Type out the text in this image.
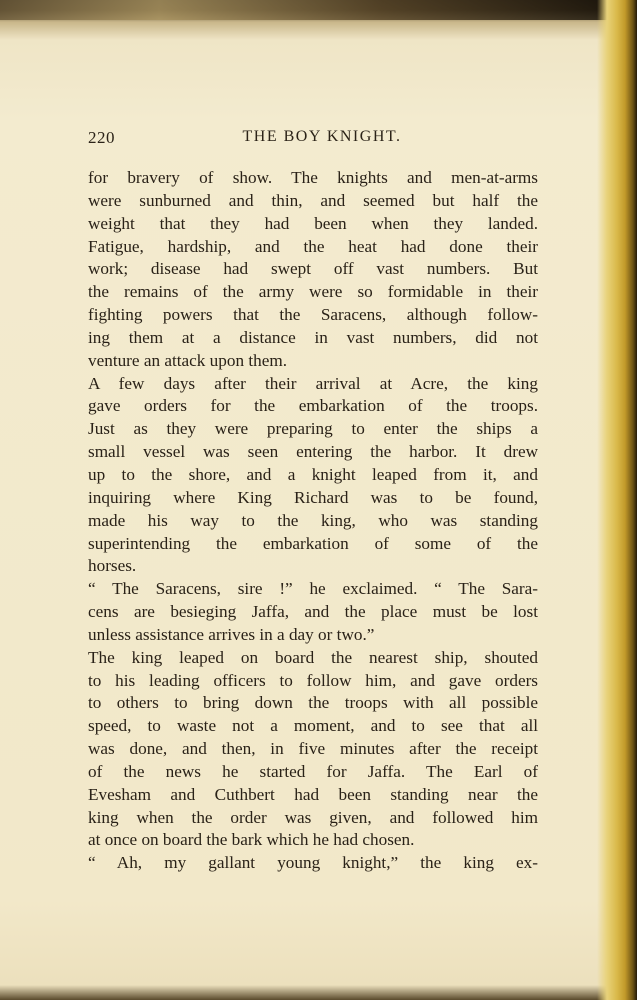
220	THE BOY KNIGHT.
for bravery of show. The knights and men-at-arms
were sunburned and thin, and seemed but half the
weight that they had been when they landed.
Fatigue, hardship, and the heat had done their
work; disease had swept off vast numbers. But
the remains of the army were so formidable in their
fighting powers that the Saracens, although follow-
ing them at a distance in vast numbers, did not
venture an attack upon them.
A few days after their arrival at Acre, the king
gave orders for the embarkation of the troops.
Just as they were preparing to enter the ships a
small vessel was seen entering the harbor. It drew
up to the shore, and a knight leaped from it, and
inquiring where King Richard was to be found,
made his way to the king, who was standing
superintending the embarkation of some of the
horses.
“ The Saracens, sire !” he exclaimed. “ The Sara-
cens are besieging Jaffa, and the place must be lost
unless assistance arrives in a day or two.”
The king leaped on board the nearest ship, shouted
to his leading officers to follow him, and gave orders
to others to bring down the troops with all possible
speed, to waste not a moment, and to see that all
was done, and then, in five minutes after the receipt
of the news he started for Jaffa. The Earl of
Evesham and Cuthbert had been standing near the
king when the order was given, and followed him
at once on board the bark which he had chosen.
“ Ah, my gallant young knight,” the king ex-
